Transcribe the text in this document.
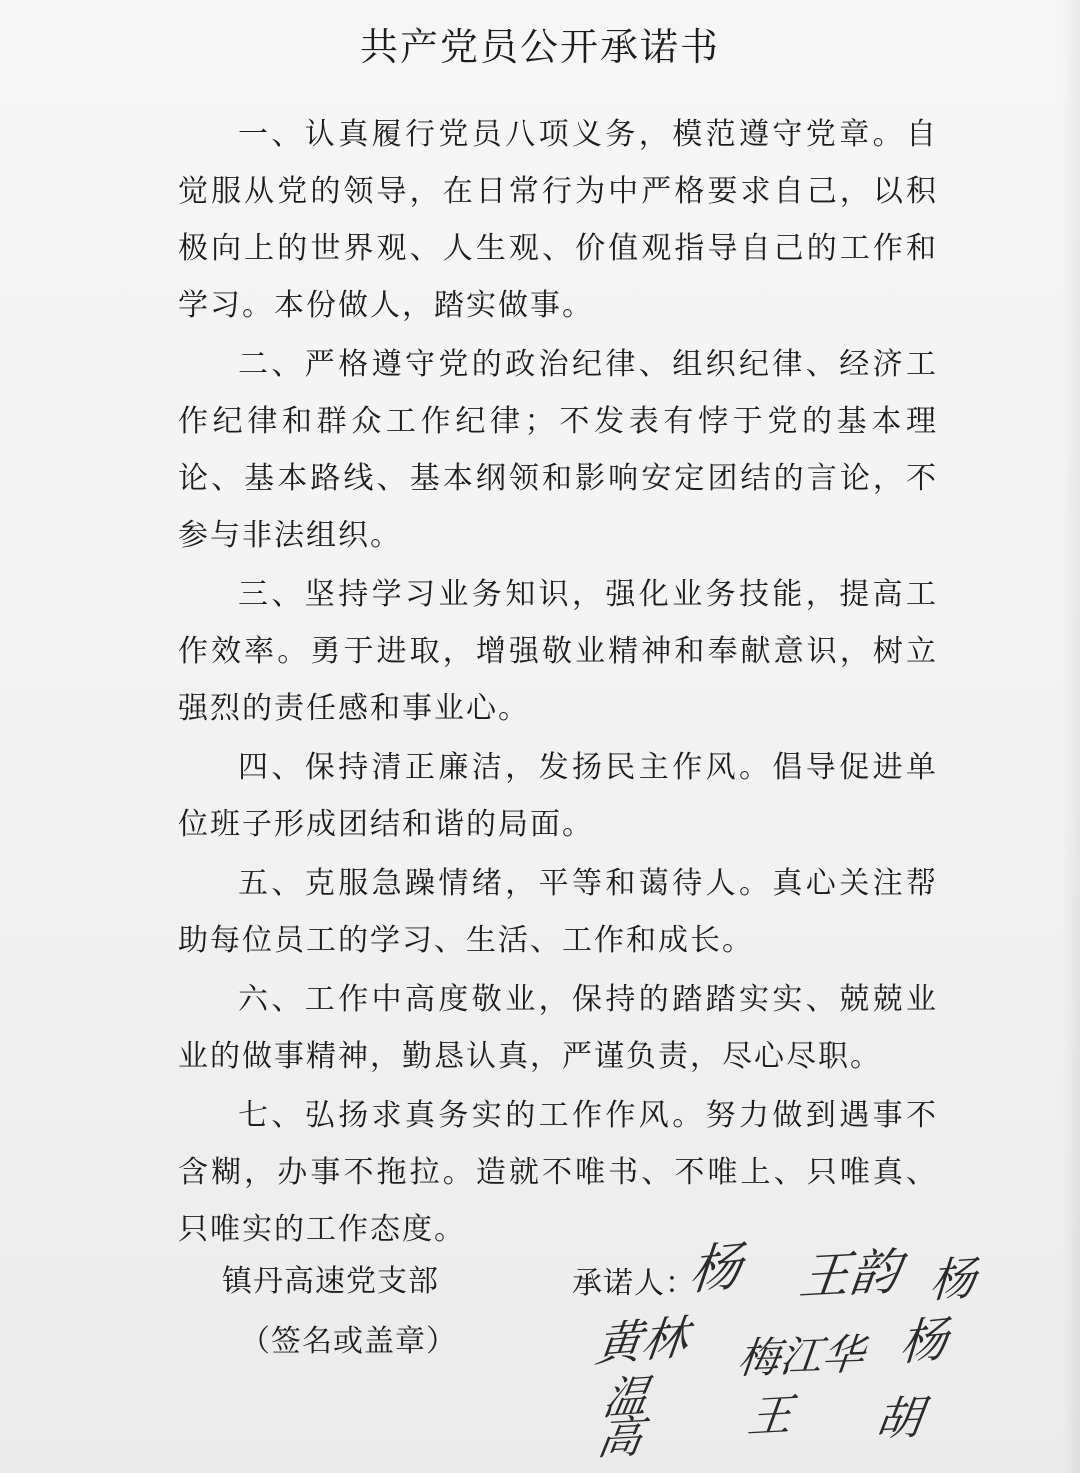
共产党员公开承诺书

一、认真履行党员八项义务，模范遵守党章。自觉服从党的领导，在日常行为中严格要求自己，以积极向上的世界观、人生观、价值观指导自己的工作和学习。本份做人，踏实做事。

二、严格遵守党的政治纪律、组织纪律、经济工作纪律和群众工作纪律；不发表有悖于党的基本理论、基本路线、基本纲领和影响安定团结的言论，不参与非法组织。

三、坚持学习业务知识，强化业务技能，提高工作效率。勇于进取，增强敬业精神和奉献意识，树立强烈的责任感和事业心。

四、保持清正廉洁，发扬民主作风。倡导促进单位班子形成团结和谐的局面。

五、克服急躁情绪，平等和蔼待人。真心关注帮助每位员工的学习、生活、工作和成长。

六、工作中高度敬业，保持的踏踏实实、兢兢业业的做事精神，勤恳认真，严谨负责，尽心尽职。

七、弘扬求真务实的工作作风。努力做到遇事不含糊，办事不拖拉。造就不唯书、不唯上、只唯真、只唯实的工作态度。

镇丹高速党支部
（签名或盖章）
承诺人：
杨 王韵 杨
黄林 梅江华 杨
温 王 胡
高
